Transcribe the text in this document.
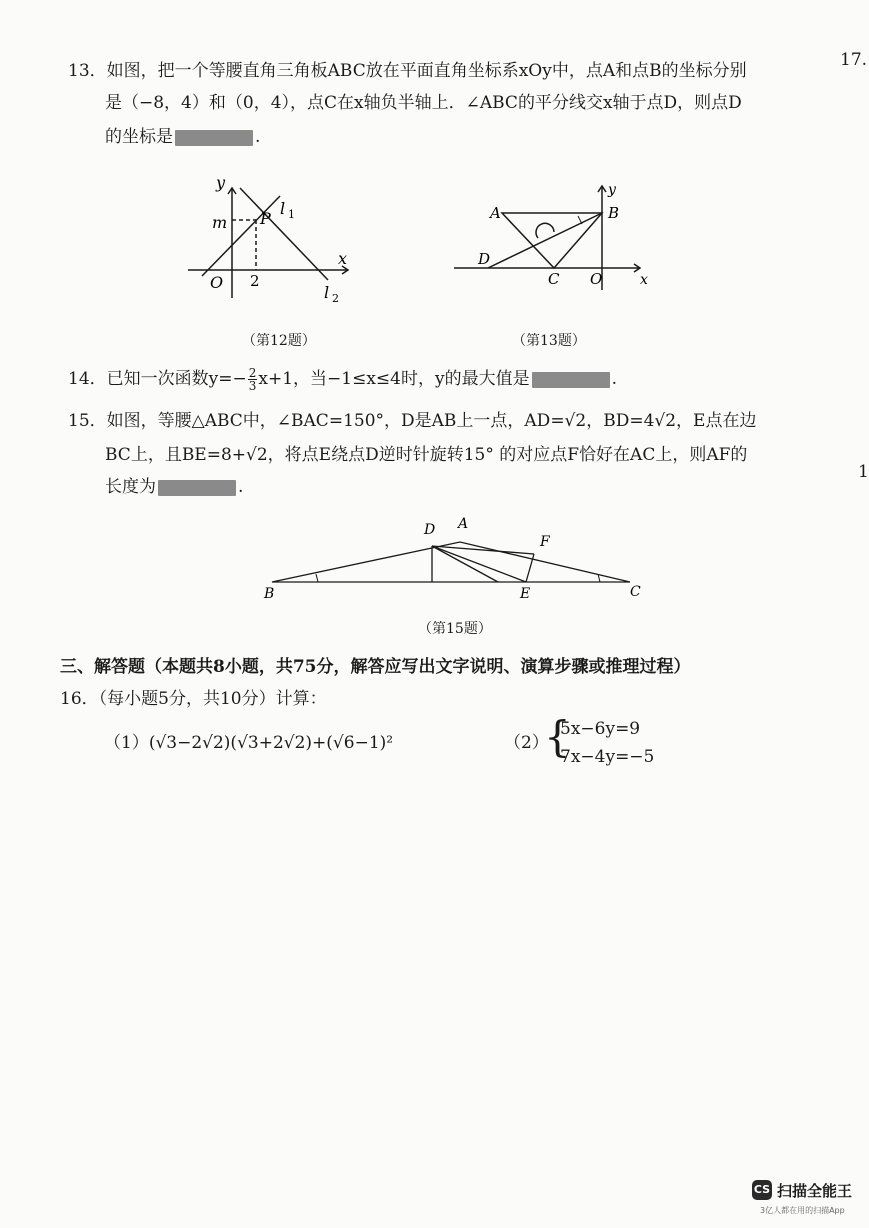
17.
1
13．如图，把一个等腰直角三角板ABC放在平面直角坐标系xOy中，点A和点B的坐标分别
是（−8，4）和（0，4），点C在x轴负半轴上．∠ABC的平分线交x轴于点D，则点D
的坐标是	.
y
x
m P
l 1
l 2
O 2
（第12题）
A	B
C
D
O
y
x
（第13题）
14．已知一次函数$y=- \frac{2}{3} x+1$，当−1≤x≤4时，y的最大值是	.
15．如图，等腰△ABC中，∠BAC=150°，D是AB上一点，AD=√2，BD=4√2，E点在边
BC上，且BE=8+√2，将点E绕点D逆时针旋转15° 的对应点F恰好在AC上，则AF的
长度为	.
D A
F
B	E	C
（第15题）
三、解答题（本题共8小题，共75分，解答应写出文字说明、演算步骤或推理过程）
16．（每小题5分，共10分）计算：
（1）(√3−2√2)(√3+2√2)+(√6−1)²	（2）
{
5x−6y=9
7x−4y=−5
CS 扫描全能王
3亿人都在用的扫描App
